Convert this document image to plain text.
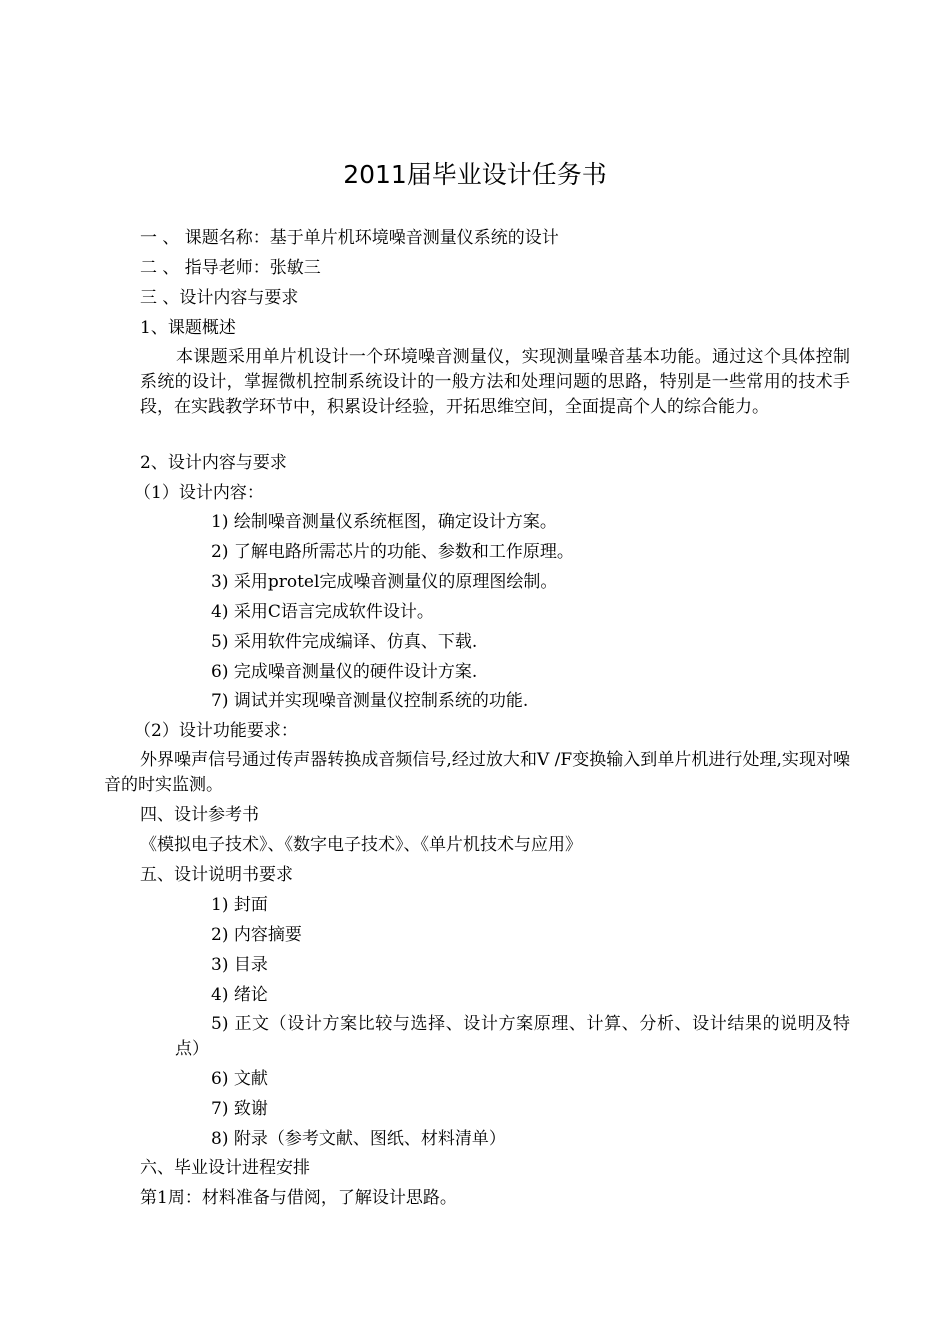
2011届毕业设计任务书
一 、 课题名称：基于单片机环境噪音测量仪系统的设计
二 、 指导老师：张敏三
三 、设计内容与要求
1、课题概述
本课题采用单片机设计一个环境噪音测量仪，实现测量噪音基本功能。通过这个具体控制系统的设计，掌握微机控制系统设计的一般方法和处理问题的思路，特别是一些常用的技术手段，在实践教学环节中，积累设计经验，开拓思维空间，全面提高个人的综合能力。
2、设计内容与要求
（1）设计内容：
1) 绘制噪音测量仪系统框图，确定设计方案。
2) 了解电路所需芯片的功能、参数和工作原理。
3) 采用protel完成噪音测量仪的原理图绘制。
4) 采用C语言完成软件设计。
5) 采用软件完成编译、仿真、下载.
6) 完成噪音测量仪的硬件设计方案.
7) 调试并实现噪音测量仪控制系统的功能.
（2）设计功能要求：
外界噪声信号通过传声器转换成音频信号,经过放大和V /F变换输入到单片机进行处理,实现对噪音的时实监测。
四、设计参考书
《模拟电子技术》、《数字电子技术》、《单片机技术与应用》
五、设计说明书要求
1) 封面
2) 内容摘要
3) 目录
4) 绪论
5) 正文（设计方案比较与选择、设计方案原理、计算、分析、设计结果的说明及特点）
6) 文献
7) 致谢
8) 附录（参考文献、图纸、材料清单）
六、毕业设计进程安排
第1周：材料准备与借阅，了解设计思路。
